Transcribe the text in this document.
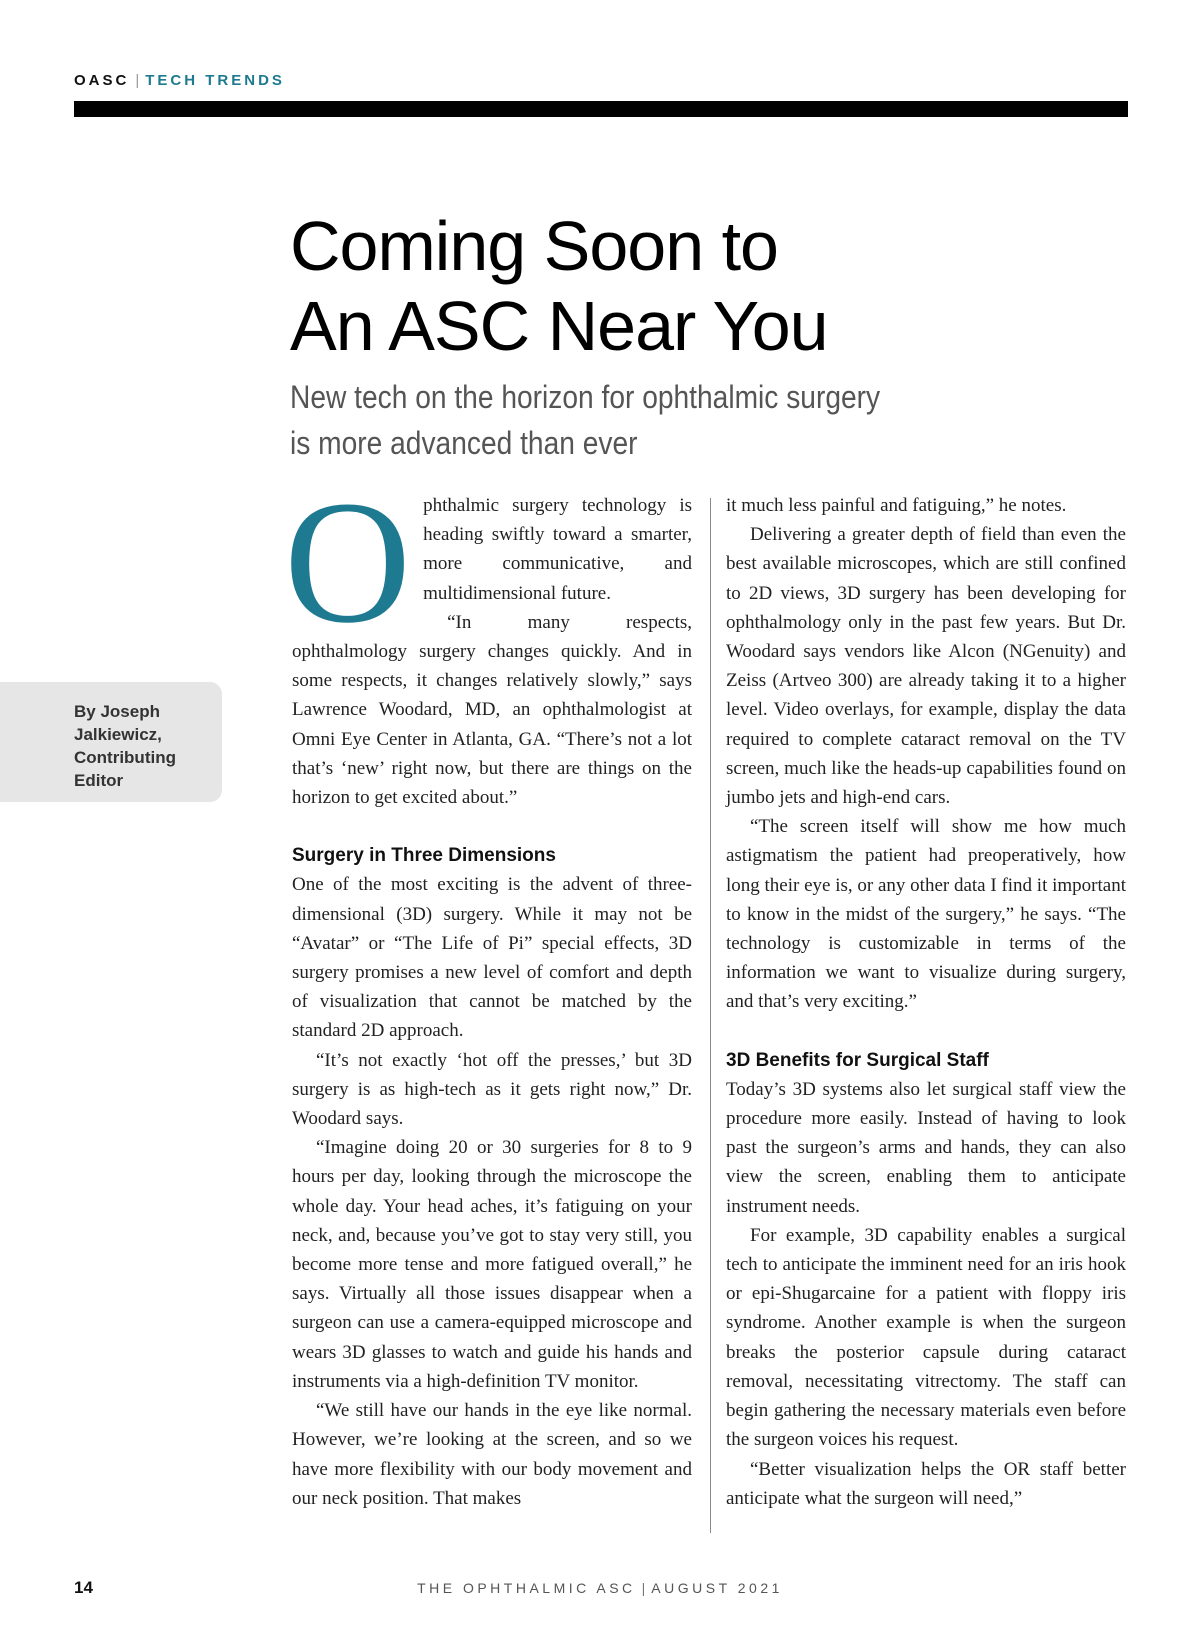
OASC | TECH TRENDS
Coming Soon to
An ASC Near You

New tech on the horizon for ophthalmic surgery
is more advanced than ever

By Joseph
Jalkiewicz,
Contributing
Editor

Ophthalmic surgery technology is heading swiftly toward a smarter, more communicative, and multidimensional future.

“In many respects, ophthalmology surgery changes quickly. And in some respects, it changes relatively slowly,” says Lawrence Woodard, MD, an ophthalmologist at Omni Eye Center in Atlanta, GA. “There’s not a lot that’s ‘new’ right now, but there are things on the horizon to get excited about.”

Surgery in Three Dimensions

One of the most exciting is the advent of three-dimensional (3D) surgery. While it may not be “Avatar” or “The Life of Pi” special effects, 3D surgery promises a new level of comfort and depth of visualization that cannot be matched by the standard 2D approach.

“It’s not exactly ‘hot off the presses,’ but 3D surgery is as high-tech as it gets right now,” Dr. Woodard says.

“Imagine doing 20 or 30 surgeries for 8 to 9 hours per day, looking through the microscope the whole day. Your head aches, it’s fatiguing on your neck, and, because you’ve got to stay very still, you become more tense and more fatigued overall,” he says. Virtually all those issues disappear when a surgeon can use a camera-equipped microscope and wears 3D glasses to watch and guide his hands and instruments via a high-definition TV monitor.

“We still have our hands in the eye like normal. However, we’re looking at the screen, and so we have more flexibility with our body movement and our neck position. That makes

it much less painful and fatiguing,” he notes.

Delivering a greater depth of field than even the best available microscopes, which are still confined to 2D views, 3D surgery has been developing for ophthalmology only in the past few years. But Dr. Woodard says vendors like Alcon (NGenuity) and Zeiss (Artveo 300) are already taking it to a higher level. Video overlays, for example, display the data required to complete cataract removal on the TV screen, much like the heads-up capabilities found on jumbo jets and high-end cars.

“The screen itself will show me how much astigmatism the patient had preoperatively, how long their eye is, or any other data I find it important to know in the midst of the surgery,” he says. “The technology is customizable in terms of the information we want to visualize during surgery, and that’s very exciting.”

3D Benefits for Surgical Staff

Today’s 3D systems also let surgical staff view the procedure more easily. Instead of having to look past the surgeon’s arms and hands, they can also view the screen, enabling them to anticipate instrument needs.

For example, 3D capability enables a surgical tech to anticipate the imminent need for an iris hook or epi-Shugarcaine for a patient with floppy iris syndrome. Another example is when the surgeon breaks the posterior capsule during cataract removal, necessitating vitrectomy. The staff can begin gathering the necessary materials even before the surgeon voices his request.

“Better visualization helps the OR staff better anticipate what the surgeon will need,”

14	THE OPHTHALMIC ASC | AUGUST 2021
